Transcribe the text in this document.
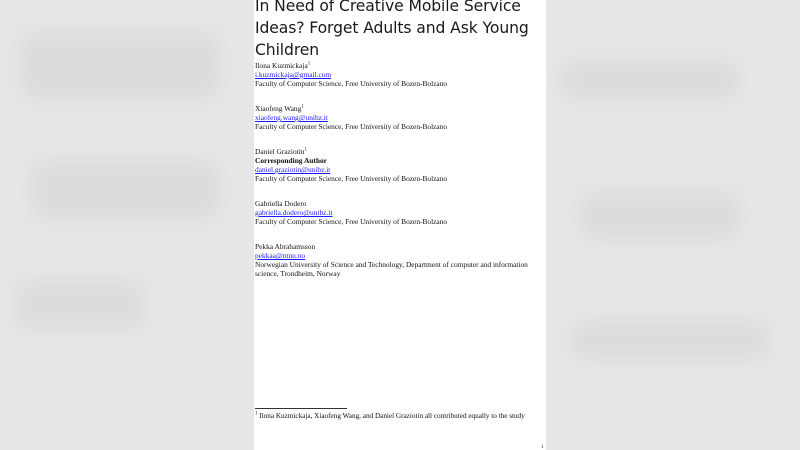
In Need of Creative Mobile Service Ideas? Forget Adults and Ask Young Children
Ilona Kuzmickaja$^1$
i.kuzmickaja@gmail.com
Faculty of Computer Science, Free University of Bozen-Bolzano
Xiaofeng Wang$^1$
xiaofeng.wang@unibz.it
Faculty of Computer Science, Free University of Bozen-Bolzano
Daniel Graziotin$^1$
Corresponding Author
daniel.graziotin@unibz.it
Faculty of Computer Science, Free University of Bozen-Bolzano
Gabriella Dodero
gabriella.dodero@unibz.it
Faculty of Computer Science, Free University of Bozen-Bolzano
Pekka Abrahamsson
pekkaa@ntnu.no
Norwegian University of Science and Technology, Department of computer and information science, Trondheim, Norway
$^1$ Ilona Kuzmickaja, Xiaofeng Wang, and Daniel Graziotin all contributed equally to the study
1
